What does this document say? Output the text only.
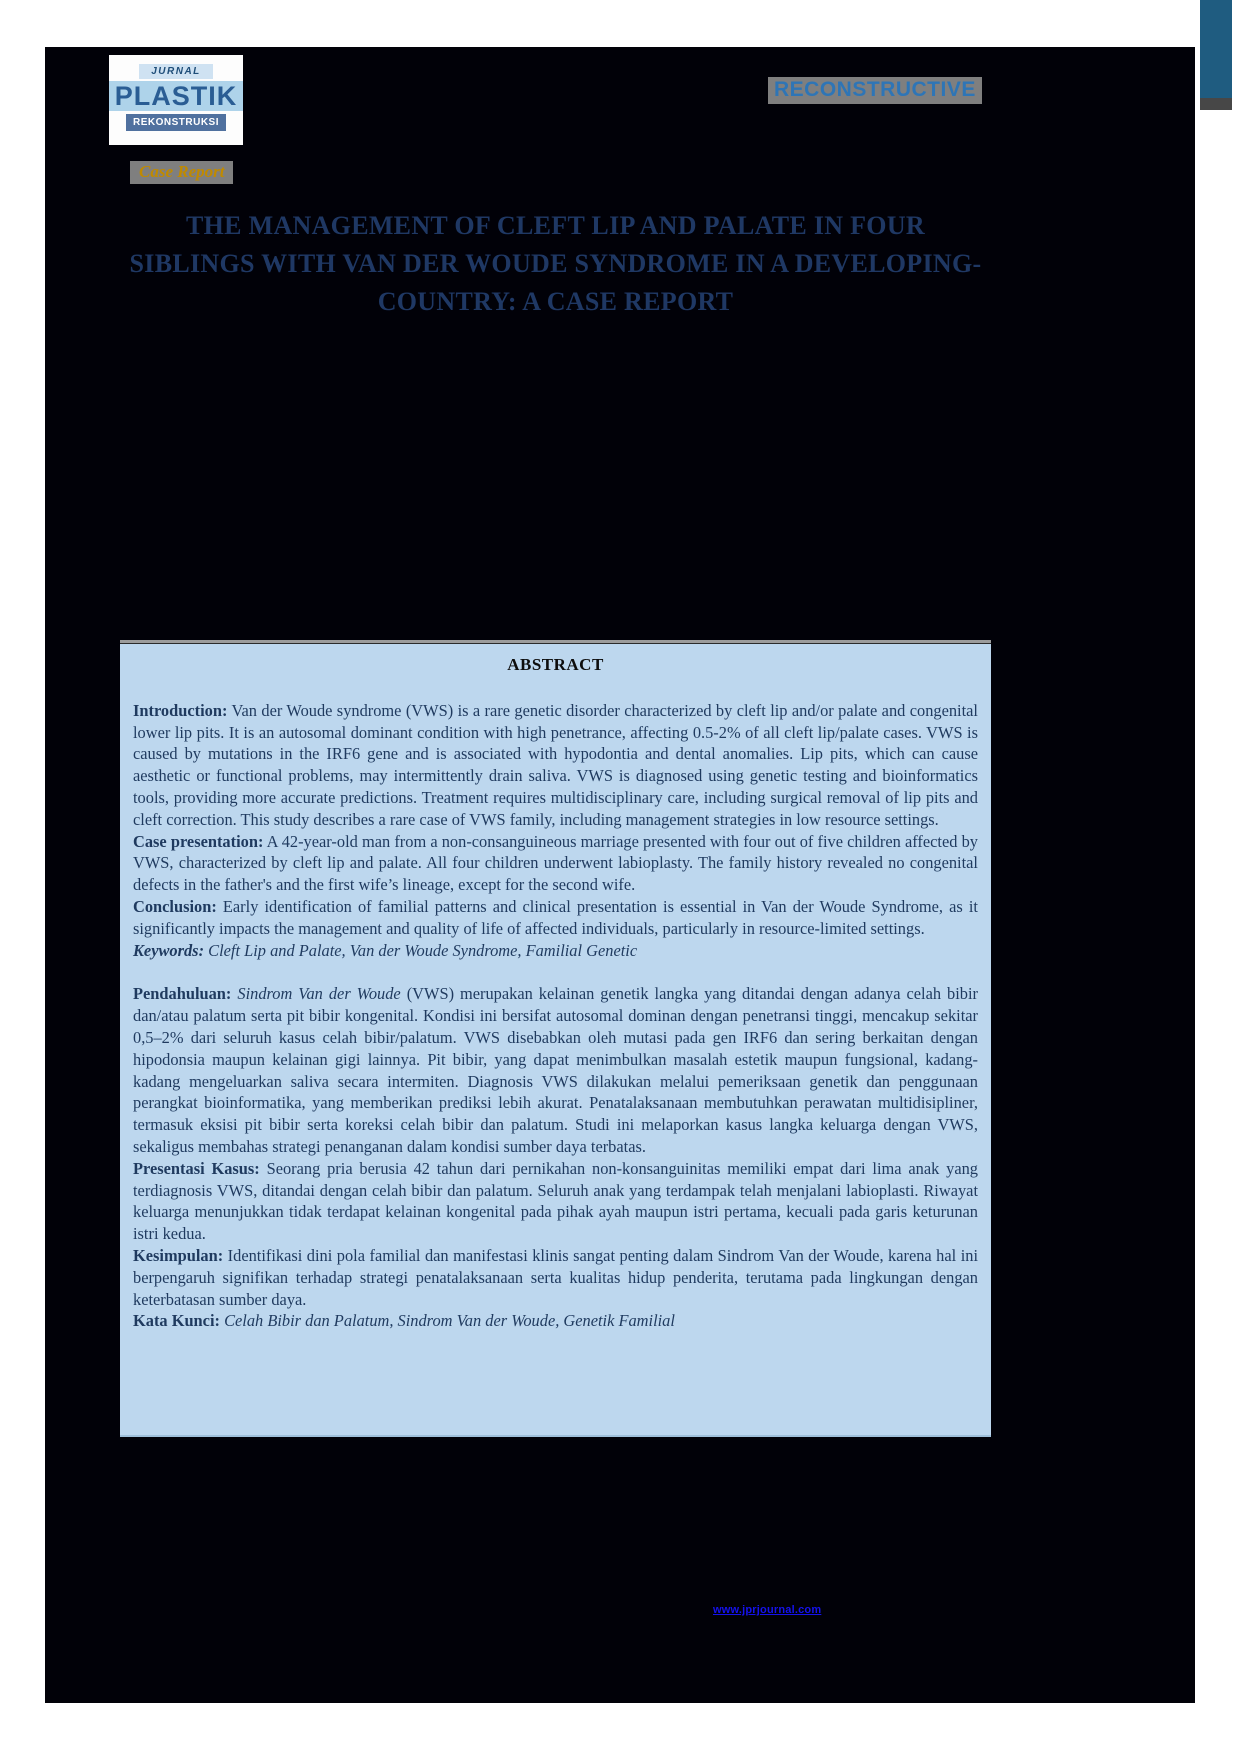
JURNAL
PLASTIK
REKONSTRUKSI
RECONSTRUCTIVE
Case Report
THE MANAGEMENT OF CLEFT LIP AND PALATE IN FOUR
SIBLINGS WITH VAN DER WOUDE SYNDROME IN A DEVELOPING-
COUNTRY: A CASE REPORT
ABSTRACT

Introduction: Van der Woude syndrome (VWS) is a rare genetic disorder characterized by cleft lip and/or palate and congenital lower lip pits. It is an autosomal dominant condition with high penetrance, affecting 0.5-2% of all cleft lip/palate cases. VWS is caused by mutations in the IRF6 gene and is associated with hypodontia and dental anomalies. Lip pits, which can cause aesthetic or functional problems, may intermittently drain saliva. VWS is diagnosed using genetic testing and bioinformatics tools, providing more accurate predictions. Treatment requires multidisciplinary care, including surgical removal of lip pits and cleft correction. This study describes a rare case of VWS family, including management strategies in low resource settings.

Case presentation: A 42-year-old man from a non-consanguineous marriage presented with four out of five children affected by VWS, characterized by cleft lip and palate. All four children underwent labioplasty. The family history revealed no congenital defects in the father's and the first wife’s lineage, except for the second wife.

Conclusion: Early identification of familial patterns and clinical presentation is essential in Van der Woude Syndrome, as it significantly impacts the management and quality of life of affected individuals, particularly in resource-limited settings.

Keywords: Cleft Lip and Palate, Van der Woude Syndrome, Familial Genetic

Pendahuluan: Sindrom Van der Woude (VWS) merupakan kelainan genetik langka yang ditandai dengan adanya celah bibir dan/atau palatum serta pit bibir kongenital. Kondisi ini bersifat autosomal dominan dengan penetransi tinggi, mencakup sekitar 0,5–2% dari seluruh kasus celah bibir/palatum. VWS disebabkan oleh mutasi pada gen IRF6 dan sering berkaitan dengan hipodonsia maupun kelainan gigi lainnya. Pit bibir, yang dapat menimbulkan masalah estetik maupun fungsional, kadang-kadang mengeluarkan saliva secara intermiten. Diagnosis VWS dilakukan melalui pemeriksaan genetik dan penggunaan perangkat bioinformatika, yang memberikan prediksi lebih akurat. Penatalaksanaan membutuhkan perawatan multidisipliner, termasuk eksisi pit bibir serta koreksi celah bibir dan palatum. Studi ini melaporkan kasus langka keluarga dengan VWS, sekaligus membahas strategi penanganan dalam kondisi sumber daya terbatas.

Presentasi Kasus: Seorang pria berusia 42 tahun dari pernikahan non-konsanguinitas memiliki empat dari lima anak yang terdiagnosis VWS, ditandai dengan celah bibir dan palatum. Seluruh anak yang terdampak telah menjalani labioplasti. Riwayat keluarga menunjukkan tidak terdapat kelainan kongenital pada pihak ayah maupun istri pertama, kecuali pada garis keturunan istri kedua.

Kesimpulan: Identifikasi dini pola familial dan manifestasi klinis sangat penting dalam Sindrom Van der Woude, karena hal ini berpengaruh signifikan terhadap strategi penatalaksanaan serta kualitas hidup penderita, terutama pada lingkungan dengan keterbatasan sumber daya.

Kata Kunci: Celah Bibir dan Palatum, Sindrom Van der Woude, Genetik Familial

www.jprjournal.com
